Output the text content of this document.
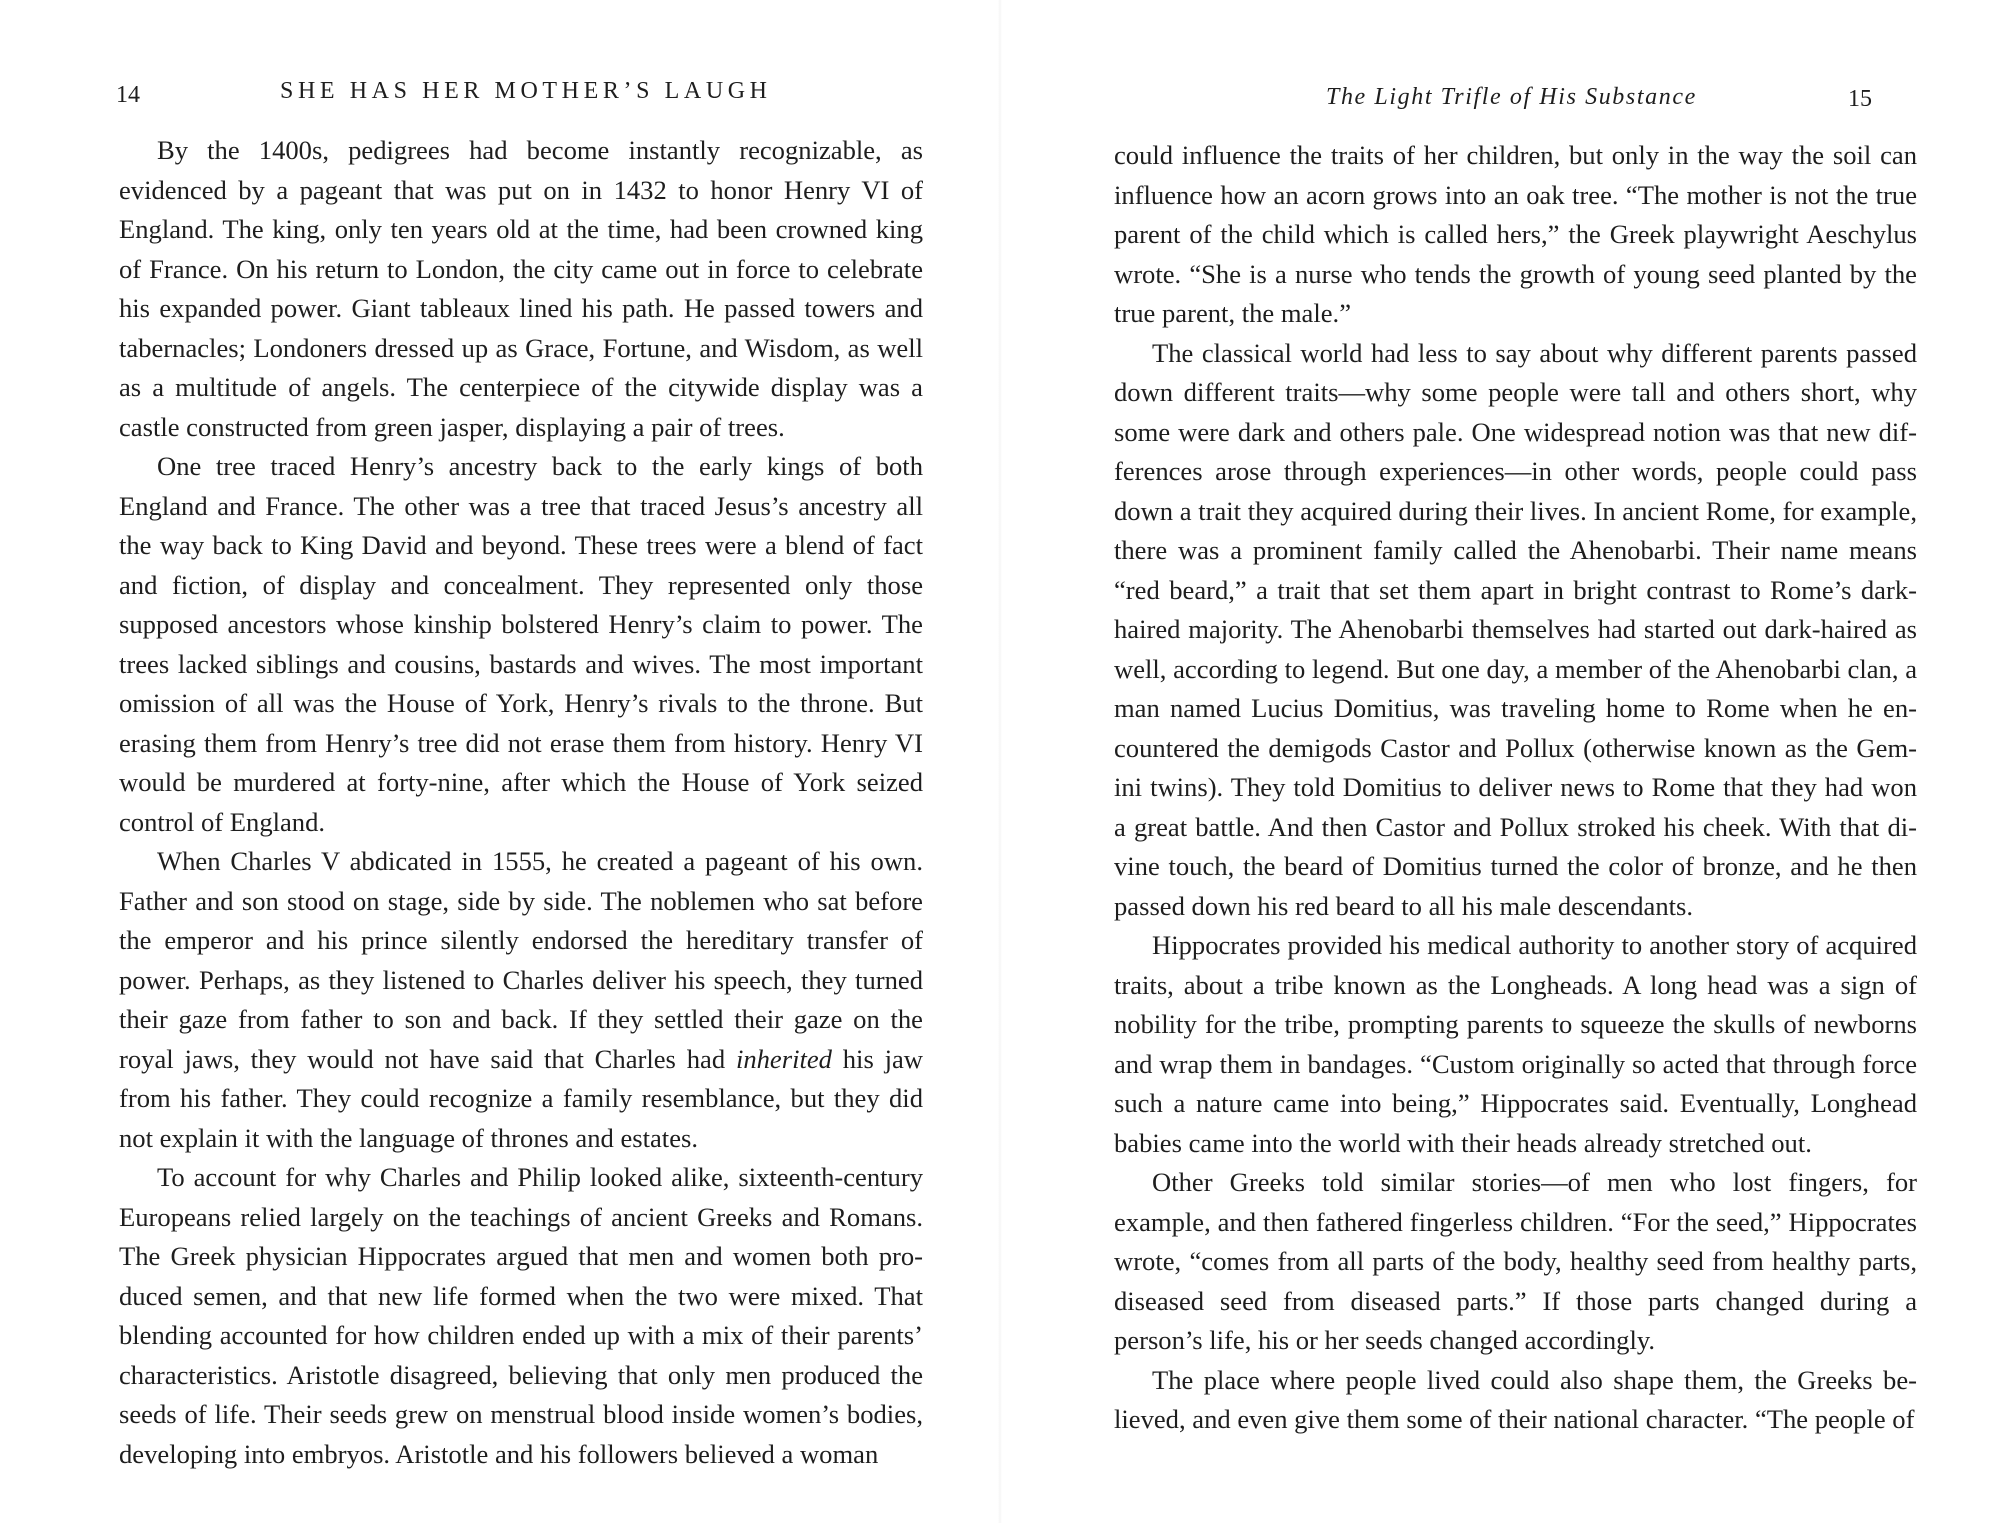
14	SHE HAS HER MOTHER’S LAUGH

By the 1400s, pedigrees had become instantly recognizable, as evidenced by a pageant that was put on in 1432 to honor Henry VI of England. The king, only ten years old at the time, had been crowned king of France. On his return to London, the city came out in force to celebrate his expanded power. Giant tableaux lined his path. He passed towers and tabernacles; Londoners dressed up as Grace, Fortune, and Wisdom, as well as a multitude of angels. The centerpiece of the citywide display was a castle constructed from green jasper, displaying a pair of trees.

One tree traced Henry’s ancestry back to the early kings of both England and France. The other was a tree that traced Jesus’s ancestry all the way back to King David and beyond. These trees were a blend of fact and fiction, of display and concealment. They represented only those supposed ancestors whose kinship bolstered Henry’s claim to power. The trees lacked siblings and cousins, bastards and wives. The most important omission of all was the House of York, Henry’s rivals to the throne. But erasing them from Henry’s tree did not erase them from history. Henry VI would be murdered at forty-nine, after which the House of York seized control of England.

When Charles V abdicated in 1555, he created a pageant of his own. Father and son stood on stage, side by side. The noblemen who sat before the emperor and his prince silently endorsed the hereditary transfer of power. Perhaps, as they listened to Charles deliver his speech, they turned their gaze from father to son and back. If they settled their gaze on the royal jaws, they would not have said that Charles had inherited his jaw from his father. They could recognize a family resemblance, but they did not explain it with the language of thrones and estates.

To account for why Charles and Philip looked alike, sixteenth-century Europeans relied largely on the teachings of ancient Greeks and Romans. The Greek physician Hippocrates argued that men and women both produced semen, and that new life formed when the two were mixed. That blending accounted for how children ended up with a mix of their parents’ characteristics. Aristotle disagreed, believing that only men produced the seeds of life. Their seeds grew on menstrual blood inside women’s bodies, developing into embryos. Aristotle and his followers believed a woman

The Light Trifle of His Substance	15

could influence the traits of her children, but only in the way the soil can influence how an acorn grows into an oak tree. “The mother is not the true parent of the child which is called hers,” the Greek playwright Aeschylus wrote. “She is a nurse who tends the growth of young seed planted by the true parent, the male.”

The classical world had less to say about why different parents passed down different traits—why some people were tall and others short, why some were dark and others pale. One widespread notion was that new differences arose through experiences—in other words, people could pass down a trait they acquired during their lives. In ancient Rome, for example, there was a prominent family called the Ahenobarbi. Their name means “red beard,” a trait that set them apart in bright contrast to Rome’s dark-haired majority. The Ahenobarbi themselves had started out dark-haired as well, according to legend. But one day, a member of the Ahenobarbi clan, a man named Lucius Domitius, was traveling home to Rome when he encountered the demigods Castor and Pollux (otherwise known as the Gemini twins). They told Domitius to deliver news to Rome that they had won a great battle. And then Castor and Pollux stroked his cheek. With that divine touch, the beard of Domitius turned the color of bronze, and he then passed down his red beard to all his male descendants.

Hippocrates provided his medical authority to another story of acquired traits, about a tribe known as the Longheads. A long head was a sign of nobility for the tribe, prompting parents to squeeze the skulls of newborns and wrap them in bandages. “Custom originally so acted that through force such a nature came into being,” Hippocrates said. Eventually, Longhead babies came into the world with their heads already stretched out.

Other Greeks told similar stories—of men who lost fingers, for example, and then fathered fingerless children. “For the seed,” Hippocrates wrote, “comes from all parts of the body, healthy seed from healthy parts, diseased seed from diseased parts.” If those parts changed during a person’s life, his or her seeds changed accordingly.

The place where people lived could also shape them, the Greeks believed, and even give them some of their national character. “The people of
